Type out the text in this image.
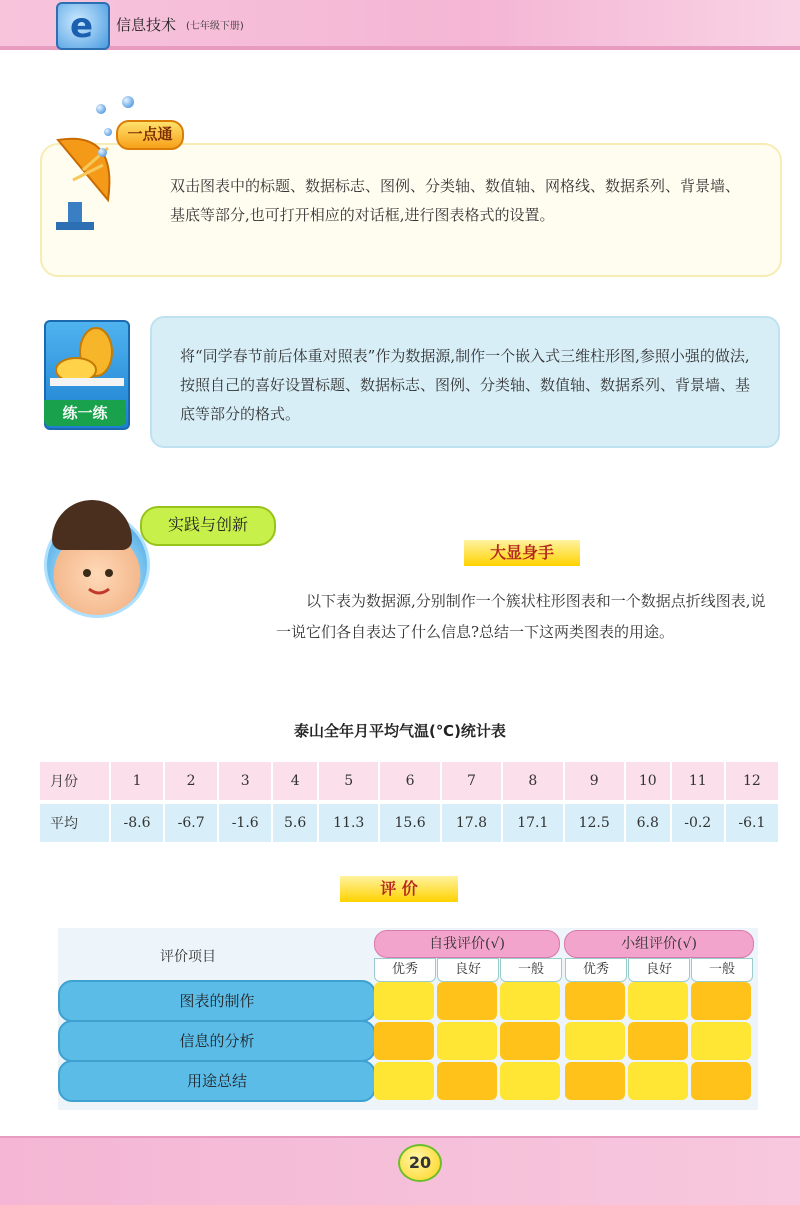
e 信息技术 (七年级下册)
一点通
双击图表中的标题、数据标志、图例、分类轴、数值轴、网格线、数据系列、背景墙、基底等部分,也可打开相应的对话框,进行图表格式的设置。
练一练
将“同学春节前后体重对照表”作为数据源,制作一个嵌入式三维柱形图,参照小强的做法,按照自己的喜好设置标题、数据标志、图例、分类轴、数值轴、数据系列、背景墙、基底等部分的格式。
实践与创新
大显身手
以下表为数据源,分别制作一个簇状柱形图表和一个数据点折线图表,说一说它们各自表达了什么信息?总结一下这两类图表的用途。
泰山全年月平均气温(℃)统计表
月份	1	2	3	4	5	6	7	8	9	10	11	12
平均	-8.6	-6.7	-1.6	5.6	11.3	15.6	17.8	17.1	12.5	6.8	-0.2	-6.1
评 价
评价项目
自我评价(√)	小组评价(√)
优秀	良好	一般	优秀	良好	一般
图表的制作
信息的分析
用途总结
20
